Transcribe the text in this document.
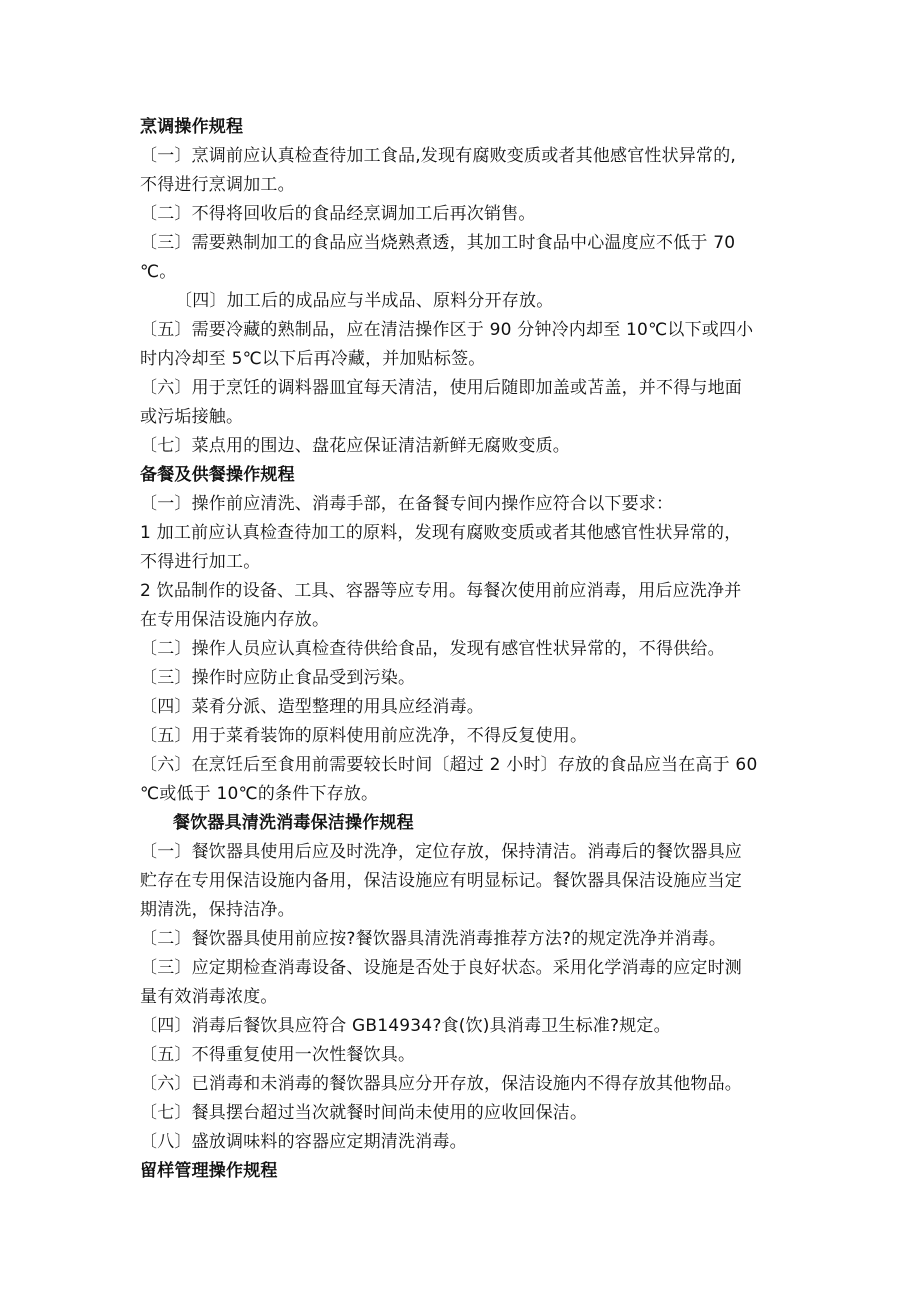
烹调操作规程
〔一〕烹调前应认真检查待加工食品,发现有腐败变质或者其他感官性状异常的,
不得进行烹调加工。
〔二〕不得将回收后的食品经烹调加工后再次销售。
〔三〕需要熟制加工的食品应当烧熟煮透，其加工时食品中心温度应不低于 70
℃。
〔四〕加工后的成品应与半成品、原料分开存放。
〔五〕需要冷藏的熟制品，应在清洁操作区于 90 分钟冷内却至 10℃以下或四小
时内冷却至 5℃以下后再冷藏，并加贴标签。
〔六〕用于烹饪的调料器皿宜每天清洁，使用后随即加盖或苫盖，并不得与地面
或污垢接触。
〔七〕菜点用的围边、盘花应保证清洁新鲜无腐败变质。
备餐及供餐操作规程
〔一〕操作前应清洗、消毒手部，在备餐专间内操作应符合以下要求：
1 加工前应认真检查待加工的原料，发现有腐败变质或者其他感官性状异常的，
不得进行加工。
2 饮品制作的设备、工具、容器等应专用。每餐次使用前应消毒，用后应洗净并
在专用保洁设施内存放。
〔二〕操作人员应认真检查待供给食品，发现有感官性状异常的，不得供给。
〔三〕操作时应防止食品受到污染。
〔四〕菜肴分派、造型整理的用具应经消毒。
〔五〕用于菜肴装饰的原料使用前应洗净，不得反复使用。
〔六〕在烹饪后至食用前需要较长时间〔超过 2 小时〕存放的食品应当在高于 60
℃或低于 10℃的条件下存放。
餐饮器具清洗消毒保洁操作规程
〔一〕餐饮器具使用后应及时洗净，定位存放，保持清洁。消毒后的餐饮器具应
贮存在专用保洁设施内备用，保洁设施应有明显标记。餐饮器具保洁设施应当定
期清洗，保持洁净。
〔二〕餐饮器具使用前应按?餐饮器具清洗消毒推荐方法?的规定洗净并消毒。
〔三〕应定期检查消毒设备、设施是否处于良好状态。采用化学消毒的应定时测
量有效消毒浓度。
〔四〕消毒后餐饮具应符合 GB14934?食(饮)具消毒卫生标准?规定。
〔五〕不得重复使用一次性餐饮具。
〔六〕已消毒和未消毒的餐饮器具应分开存放，保洁设施内不得存放其他物品。
〔七〕餐具摆台超过当次就餐时间尚未使用的应收回保洁。
〔八〕盛放调味料的容器应定期清洗消毒。
留样管理操作规程
